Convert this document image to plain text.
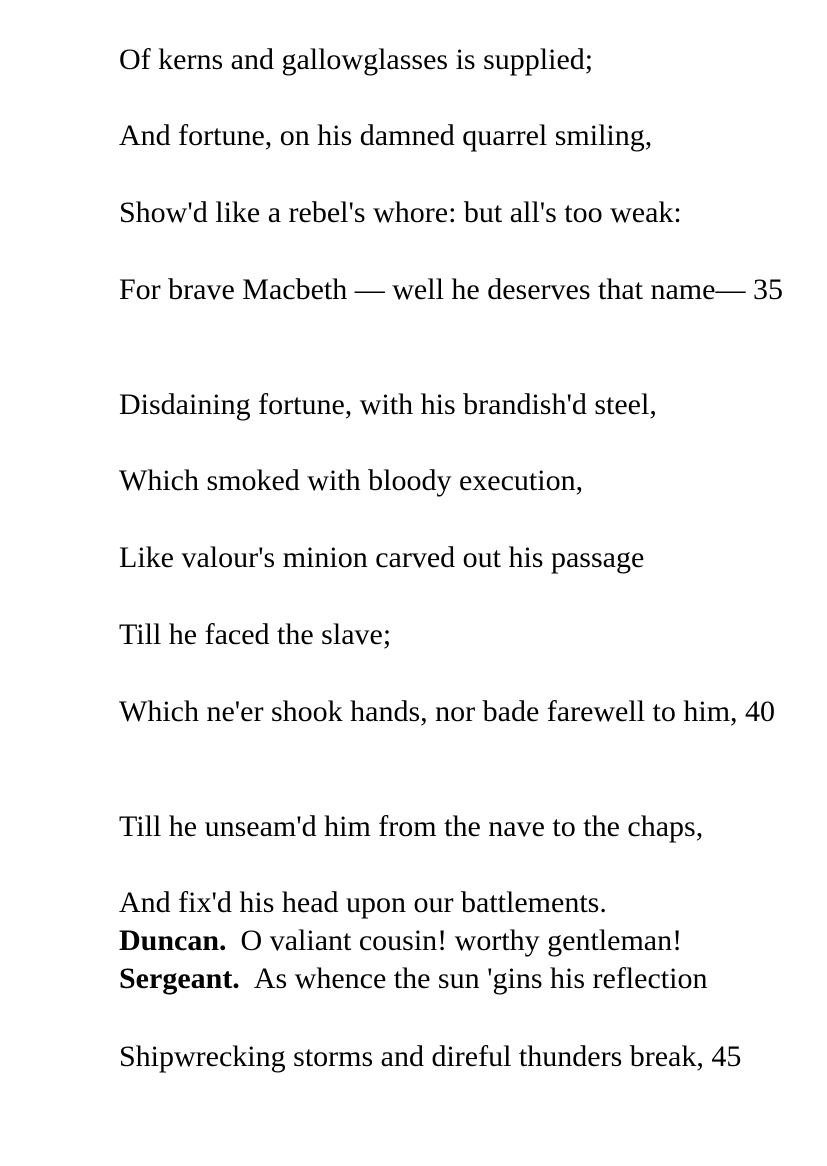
Of kerns and gallowglasses is supplied;

And fortune, on his damned quarrel smiling,

Show'd like a rebel's whore: but all's too weak:

For brave Macbeth — well he deserves that name— 35

Disdaining fortune, with his brandish'd steel,

Which smoked with bloody execution,

Like valour's minion carved out his passage

Till he faced the slave;

Which ne'er shook hands, nor bade farewell to him, 40

Till he unseam'd him from the nave to the chaps,

And fix'd his head upon our battlements.

Duncan. O valiant cousin! worthy gentleman!

Sergeant. As whence the sun 'gins his reflection

Shipwrecking storms and direful thunders break, 45
